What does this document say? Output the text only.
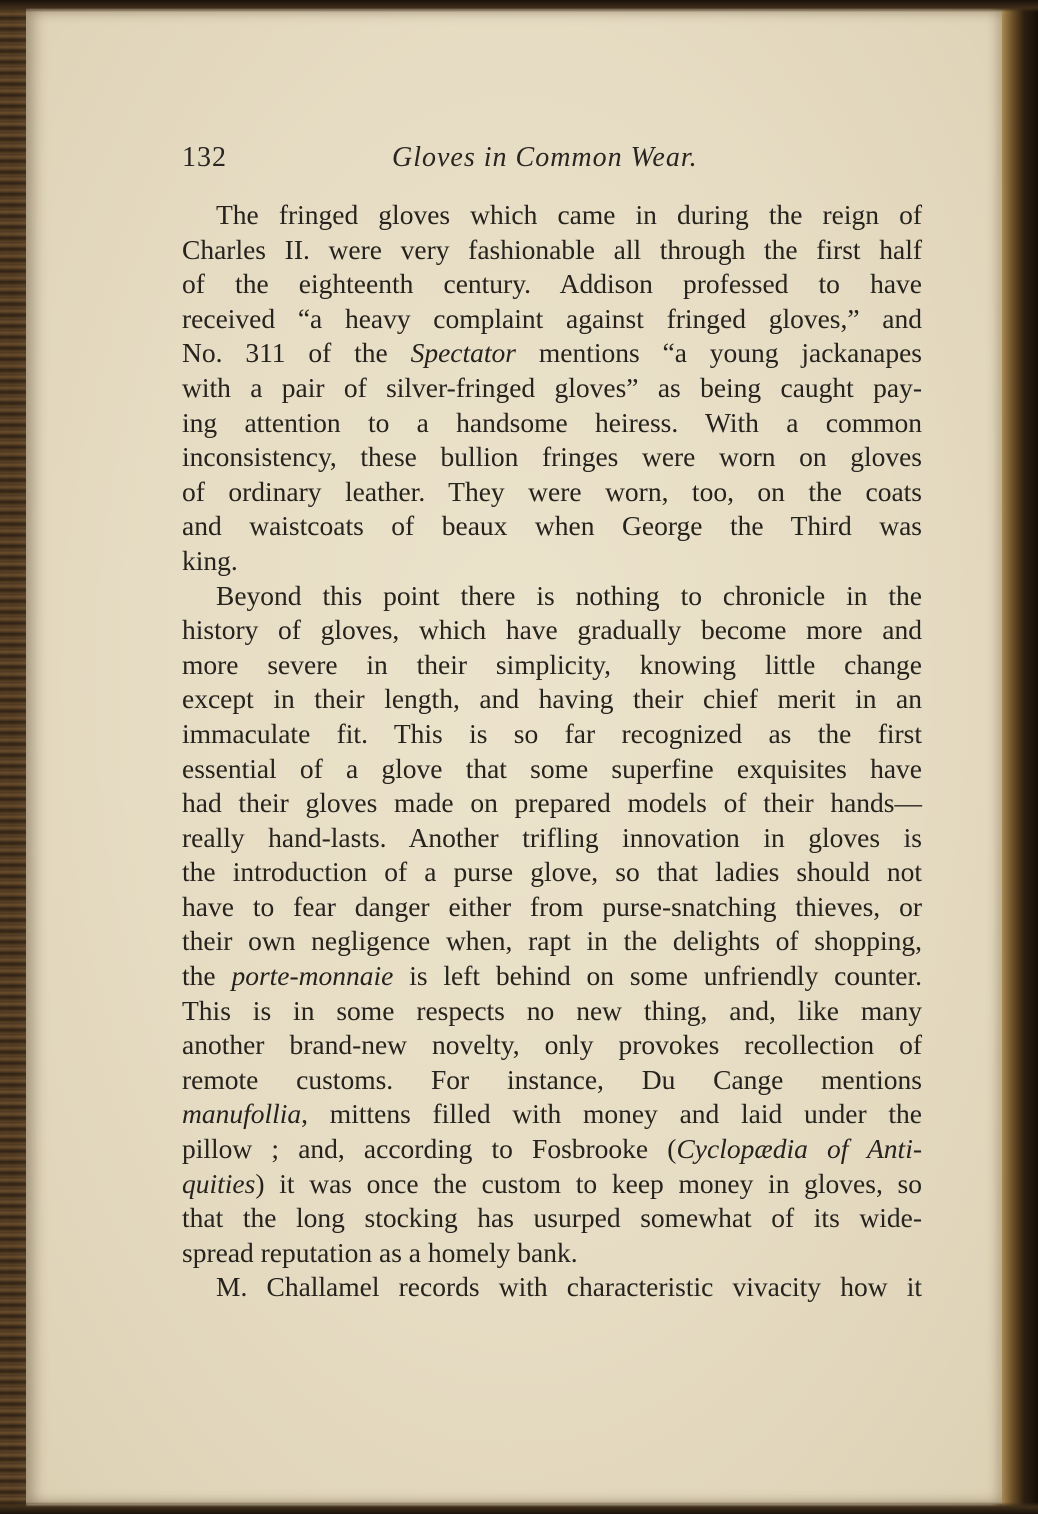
132	Gloves in Common Wear.
The fringed gloves which came in during the reign of
Charles II. were very fashionable all through the first half
of the eighteenth century. Addison professed to have
received “a heavy complaint against fringed gloves,” and
No. 311 of the Spectator mentions “a young jackanapes
with a pair of silver-fringed gloves” as being caught pay-
ing attention to a handsome heiress. With a common
inconsistency, these bullion fringes were worn on gloves
of ordinary leather. They were worn, too, on the coats
and waistcoats of beaux when George the Third was
king.
Beyond this point there is nothing to chronicle in the
history of gloves, which have gradually become more and
more severe in their simplicity, knowing little change
except in their length, and having their chief merit in an
immaculate fit. This is so far recognized as the first
essential of a glove that some superfine exquisites have
had their gloves made on prepared models of their hands—
really hand-lasts. Another trifling innovation in gloves is
the introduction of a purse glove, so that ladies should not
have to fear danger either from purse-snatching thieves, or
their own negligence when, rapt in the delights of shopping,
the porte-monnaie is left behind on some unfriendly counter.
This is in some respects no new thing, and, like many
another brand-new novelty, only provokes recollection of
remote customs. For instance, Du Cange mentions
manufollia, mittens filled with money and laid under the
pillow ; and, according to Fosbrooke (Cyclopædia of Anti-
quities) it was once the custom to keep money in gloves, so
that the long stocking has usurped somewhat of its wide-
spread reputation as a homely bank.
M. Challamel records with characteristic vivacity how it
